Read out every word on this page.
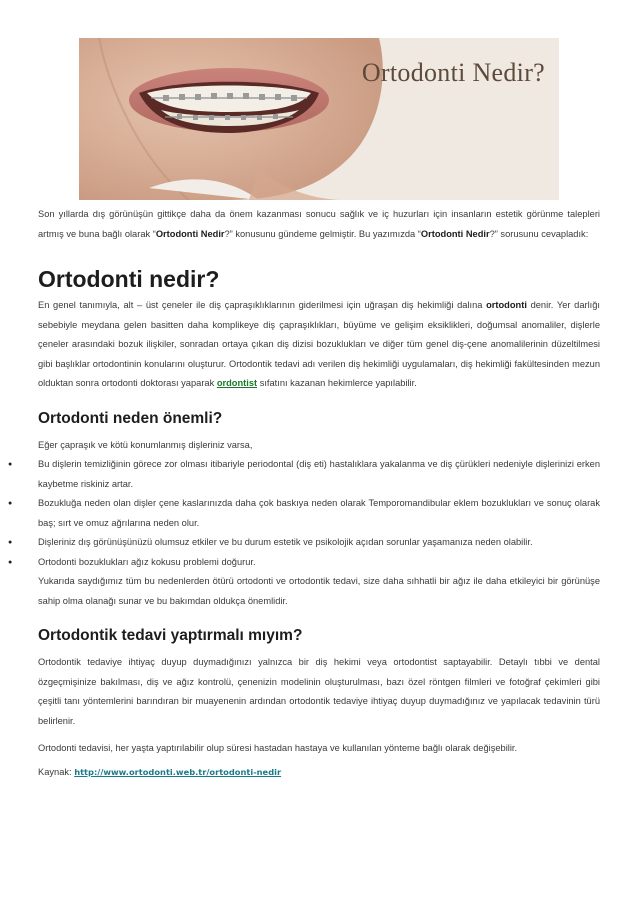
Ortodonti Nedir?

Son yıllarda dış görünüşün gittikçe daha da önem kazanması sonucu sağlık ve iç huzurları için insanların estetik görünme talepleri artmış ve buna bağlı olarak “Ortodonti Nedir?” konusunu gündeme gelmiştir. Bu yazımızda “Ortodonti Nedir?” sorusunu cevapladık:

Ortodonti nedir?

En genel tanımıyla, alt – üst çeneler ile diş çapraşıklıklarının giderilmesi için uğraşan diş hekimliği dalına ortodonti denir. Yer darlığı sebebiyle meydana gelen basitten daha komplikeye diş çapraşıklıkları, büyüme ve gelişim eksiklikleri, doğumsal anomaliler, dişlerle çeneler arasındaki bozuk ilişkiler, sonradan ortaya çıkan diş dizisi bozuklukları ve diğer tüm genel diş-çene anomalilerinin düzeltilmesi gibi başlıklar ortodontinin konularını oluşturur. Ortodontik tedavi adı verilen diş hekimliği uygulamaları, diş hekimliği fakültesinden mezun olduktan sonra ortodonti doktorası yaparak ordontist sıfatını kazanan hekimlerce yapılabilir.

Ortodonti neden önemli?

Eğer çapraşık ve kötü konumlanmış dişleriniz varsa,

● Bu dişlerin temizliğinin görece zor olması itibariyle periodontal (diş eti) hastalıklara yakalanma ve diş çürükleri nedeniyle dişlerinizi erken kaybetme riskiniz artar.
● Bozukluğa neden olan dişler çene kaslarınızda daha çok baskıya neden olarak Temporomandibular eklem bozuklukları ve sonuç olarak baş; sırt ve omuz ağrılarına neden olur.
● Dişleriniz dış görünüşünüzü olumsuz etkiler ve bu durum estetik ve psikolojik açıdan sorunlar yaşamanıza neden olabilir.
● Ortodonti bozuklukları ağız kokusu problemi doğurur.

Yukarıda saydığımız tüm bu nedenlerden ötürü ortodonti ve ortodontik tedavi, size daha sıhhatli bir ağız ile daha etkileyici bir görünüşe sahip olma olanağı sunar ve bu bakımdan oldukça önemlidir.

Ortodontik tedavi yaptırmalı mıyım?

Ortodontik tedaviye ihtiyaç duyup duymadığınızı yalnızca bir diş hekimi veya ortodontist saptayabilir. Detaylı tıbbi ve dental özgeçmişinize bakılması, diş ve ağız kontrolü, çenenizin modelinin oluşturulması, bazı özel röntgen filmleri ve fotoğraf çekimleri gibi çeşitli tanı yöntemlerini barındıran bir muayenenin ardından ortodontik tedaviye ihtiyaç duyup duymadığınız ve yapılacak tedavinin türü belirlenir.

Ortodonti tedavisi, her yaşta yaptırılabilir olup süresi hastadan hastaya ve kullanılan yönteme bağlı olarak değişebilir.

Kaynak: http://www.ortodonti.web.tr/ortodonti-nedir
